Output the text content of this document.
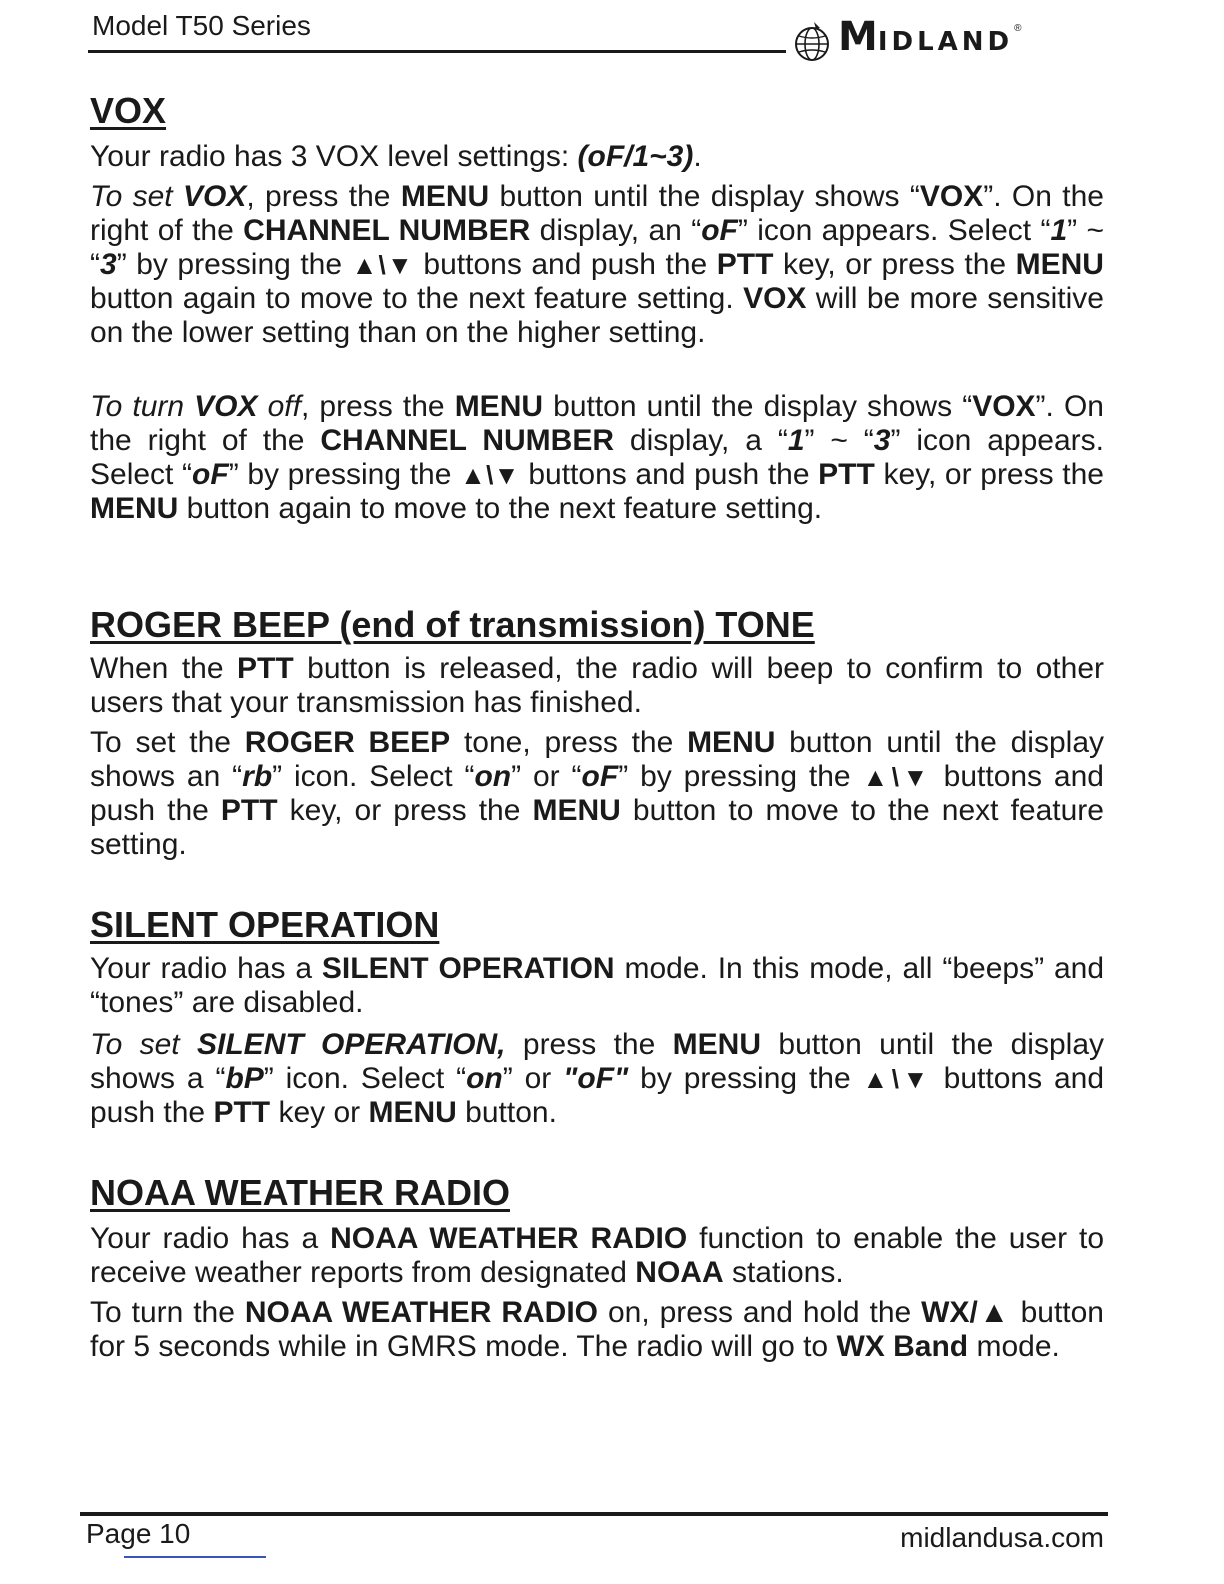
Model T50 Series	MIDLAND ®
VOX
Your radio has 3 VOX level settings: (oF/1~3).
To set VOX, press the MENU button until the display shows “VOX”. On the right of the CHANNEL NUMBER display, an “oF” icon appears. Select “1” ~ “3” by pressing the ▲\▼ buttons and push the PTT key, or press the MENU button again to move to the next feature setting. VOX will be more sensitive on the lower setting than on the higher setting.
To turn VOX off, press the MENU button until the display shows “VOX”. On the right of the CHANNEL NUMBER display, a “1” ~ “3” icon appears. Select “oF” by pressing the ▲\▼ buttons and push the PTT key, or press the MENU button again to move to the next feature setting.
ROGER BEEP (end of transmission) TONE
When the PTT button is released, the radio will beep to confirm to other users that your transmission has finished.
To set the ROGER BEEP tone, press the MENU button until the display shows an “rb” icon. Select “on” or “oF” by pressing the ▲\▼ buttons and push the PTT key, or press the MENU button to move to the next feature setting.
SILENT OPERATION
Your radio has a SILENT OPERATION mode. In this mode, all “beeps” and “tones” are disabled.
To set SILENT OPERATION, press the MENU button until the display shows a “bP” icon. Select “on” or "oF" by pressing the ▲\▼ buttons and push the PTT key or MENU button.
NOAA WEATHER RADIO
Your radio has a NOAA WEATHER RADIO function to enable the user to receive weather reports from designated NOAA stations.
To turn the NOAA WEATHER RADIO on, press and hold the WX/▲ button for 5 seconds while in GMRS mode. The radio will go to WX Band mode.
Page 10	midlandusa.com
